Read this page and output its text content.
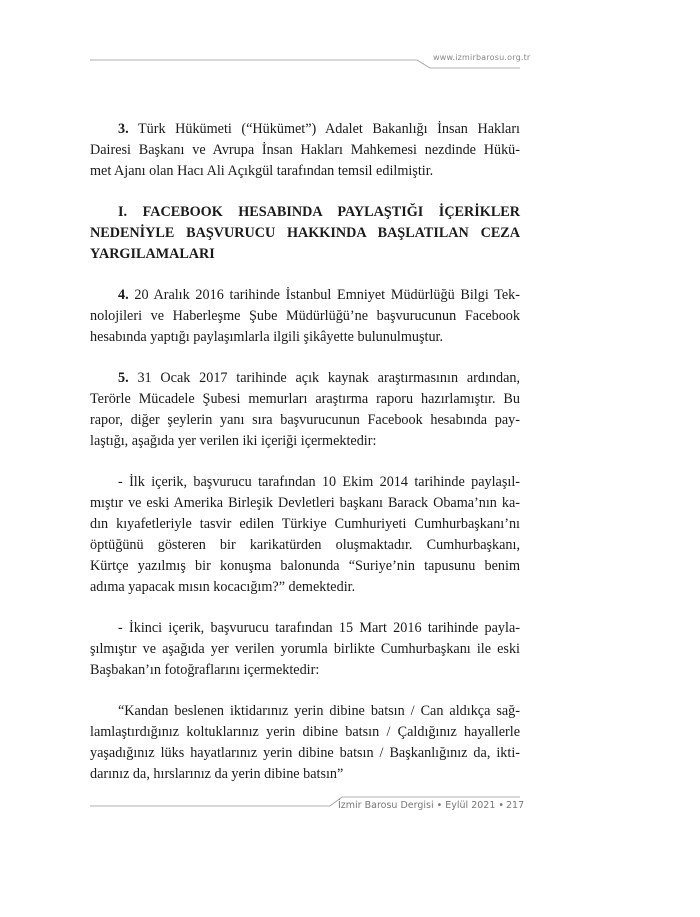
www.izmirbarosu.org.tr
3. Türk Hükümeti (“Hükümet”) Adalet Bakanlığı İnsan Hakları
Dairesi Başkanı ve Avrupa İnsan Hakları Mahkemesi nezdinde Hükü-
met Ajanı olan Hacı Ali Açıkgül tarafından temsil edilmiştir.
I. FACEBOOK HESABINDA PAYLAŞTIĞI İÇERİKLER
NEDENİYLE BAŞVURUCU HAKKINDA BAŞLATILAN CEZA
YARGILAMALARI
4. 20 Aralık 2016 tarihinde İstanbul Emniyet Müdürlüğü Bilgi Tek-
nolojileri ve Haberleşme Şube Müdürlüğü’ne başvurucunun Facebook
hesabında yaptığı paylaşımlarla ilgili şikâyette bulunulmuştur.
5. 31 Ocak 2017 tarihinde açık kaynak araştırmasının ardından,
Terörle Mücadele Şubesi memurları araştırma raporu hazırlamıştır. Bu
rapor, diğer şeylerin yanı sıra başvurucunun Facebook hesabında pay-
laştığı, aşağıda yer verilen iki içeriği içermektedir:
- İlk içerik, başvurucu tarafından 10 Ekim 2014 tarihinde paylaşıl-
mıştır ve eski Amerika Birleşik Devletleri başkanı Barack Obama’nın ka-
dın kıyafetleriyle tasvir edilen Türkiye Cumhuriyeti Cumhurbaşkanı’nı
öptüğünü gösteren bir karikatürden oluşmaktadır. Cumhurbaşkanı,
Kürtçe yazılmış bir konuşma balonunda “Suriye’nin tapusunu benim
adıma yapacak mısın kocacığım?” demektedir.
- İkinci içerik, başvurucu tarafından 15 Mart 2016 tarihinde payla-
şılmıştır ve aşağıda yer verilen yorumla birlikte Cumhurbaşkanı ile eski
Başbakan’ın fotoğraflarını içermektedir:
“Kandan beslenen iktidarınız yerin dibine batsın / Can aldıkça sağ-
lamlaştırdığınız koltuklarınız yerin dibine batsın / Çaldığınız hayallerle
yaşadığınız lüks hayatlarınız yerin dibine batsın / Başkanlığınız da, ikti-
darınız da, hırslarınız da yerin dibine batsın”
İzmir Barosu Dergisi • Eylül 2021 • 217
